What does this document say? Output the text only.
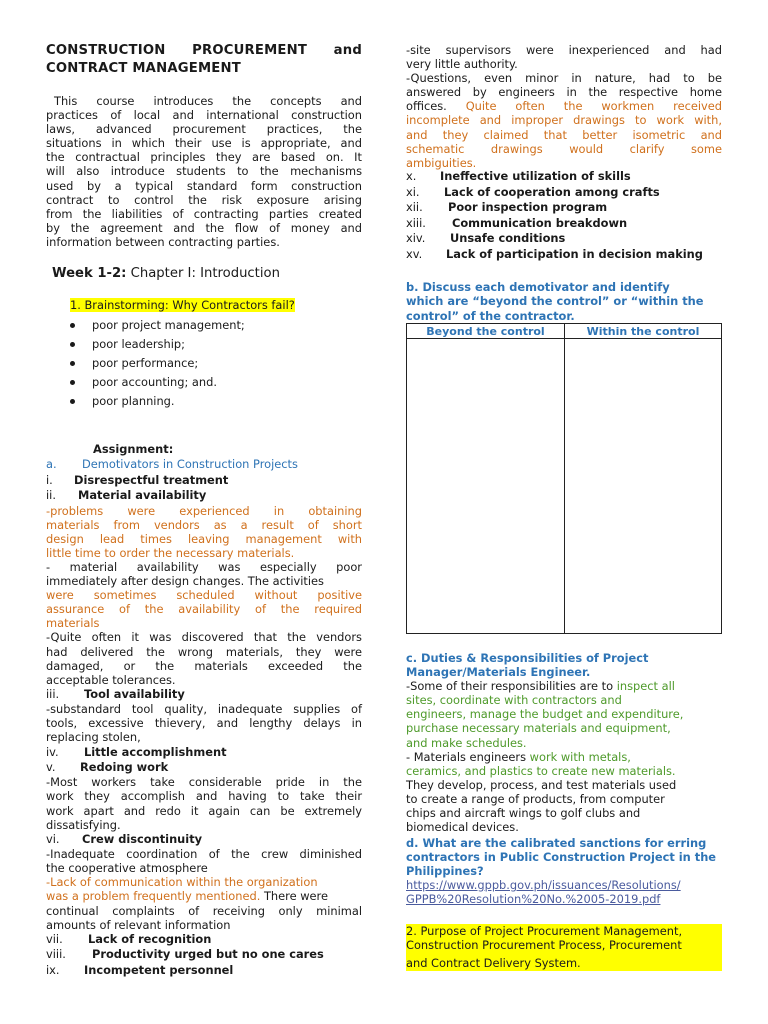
CONSTRUCTION PROCUREMENT and
CONTRACT MANAGEMENT

This course introduces the concepts and

practices of local and international construction

laws, advanced procurement practices, the

situations in which their use is appropriate, and

the contractual principles they are based on. It

will also introduce students to the mechanisms

used by a typical standard form construction

contract to control the risk exposure arising

from the liabilities of contracting parties created

by the agreement and the flow of money and

information between contracting parties.

Week 1-2: Chapter I: Introduction
1. Brainstorming: Why Contractors fail?
poor project management;
poor leadership;
poor performance;
poor accounting; and.
poor planning.

Assignment:

a. Demotivators in Construction Projects

i. Disrespectful treatment

ii. Material availability

-problems were experienced in obtaining

materials from vendors as a result of short

design lead times leaving management with

little time to order the necessary materials.

- material availability was especially poor

immediately after design changes. The activities

were sometimes scheduled without positive

assurance of the availability of the required

materials

-Quite often it was discovered that the vendors

had delivered the wrong materials, they were

damaged, or the materials exceeded the

acceptable tolerances.

iii. Tool availability

-substandard tool quality, inadequate supplies of

tools, excessive thievery, and lengthy delays in

replacing stolen,

iv. Little accomplishment

v. Redoing work

-Most workers take considerable pride in the

work they accomplish and having to take their

work apart and redo it again can be extremely

dissatisfying.

vi. Crew discontinuity

-Inadequate coordination of the crew diminished

the cooperative atmosphere

-Lack of communication within the organization

was a problem frequently mentioned. There were

continual complaints of receiving only minimal

amounts of relevant information

vii. Lack of recognition

viii. Productivity urged but no one cares

ix. Incompetent personnel

-site supervisors were inexperienced and had

very little authority.

-Questions, even minor in nature, had to be

answered by engineers in the respective home

offices. Quite often the workmen received

incomplete and improper drawings to work with,

and they claimed that better isometric and

schematic drawings would clarify some

ambiguities.

x. Ineffective utilization of skills

xi. Lack of cooperation among crafts

xii. Poor inspection program

xiii. Communication breakdown

xiv. Unsafe conditions

xv. Lack of participation in decision making

b. Discuss each demotivator and identify

which are “beyond the control” or “within the

control” of the contractor.

Beyond the control	Within the control

c. Duties & Responsibilities of Project

Manager/Materials Engineer.

-Some of their responsibilities are to inspect all

sites, coordinate with contractors and

engineers, manage the budget and expenditure,

purchase necessary materials and equipment,

and make schedules.

- Materials engineers work with metals,

ceramics, and plastics to create new materials.

They develop, process, and test materials used

to create a range of products, from computer

chips and aircraft wings to golf clubs and

biomedical devices.

d. What are the calibrated sanctions for erring

contractors in Public Construction Project in the

Philippines?

https://www.gppb.gov.ph/issuances/Resolutions/

GPPB%20Resolution%20No.%2005-2019.pdf

2. Purpose of Project Procurement Management,

Construction Procurement Process, Procurement

and Contract Delivery System.
